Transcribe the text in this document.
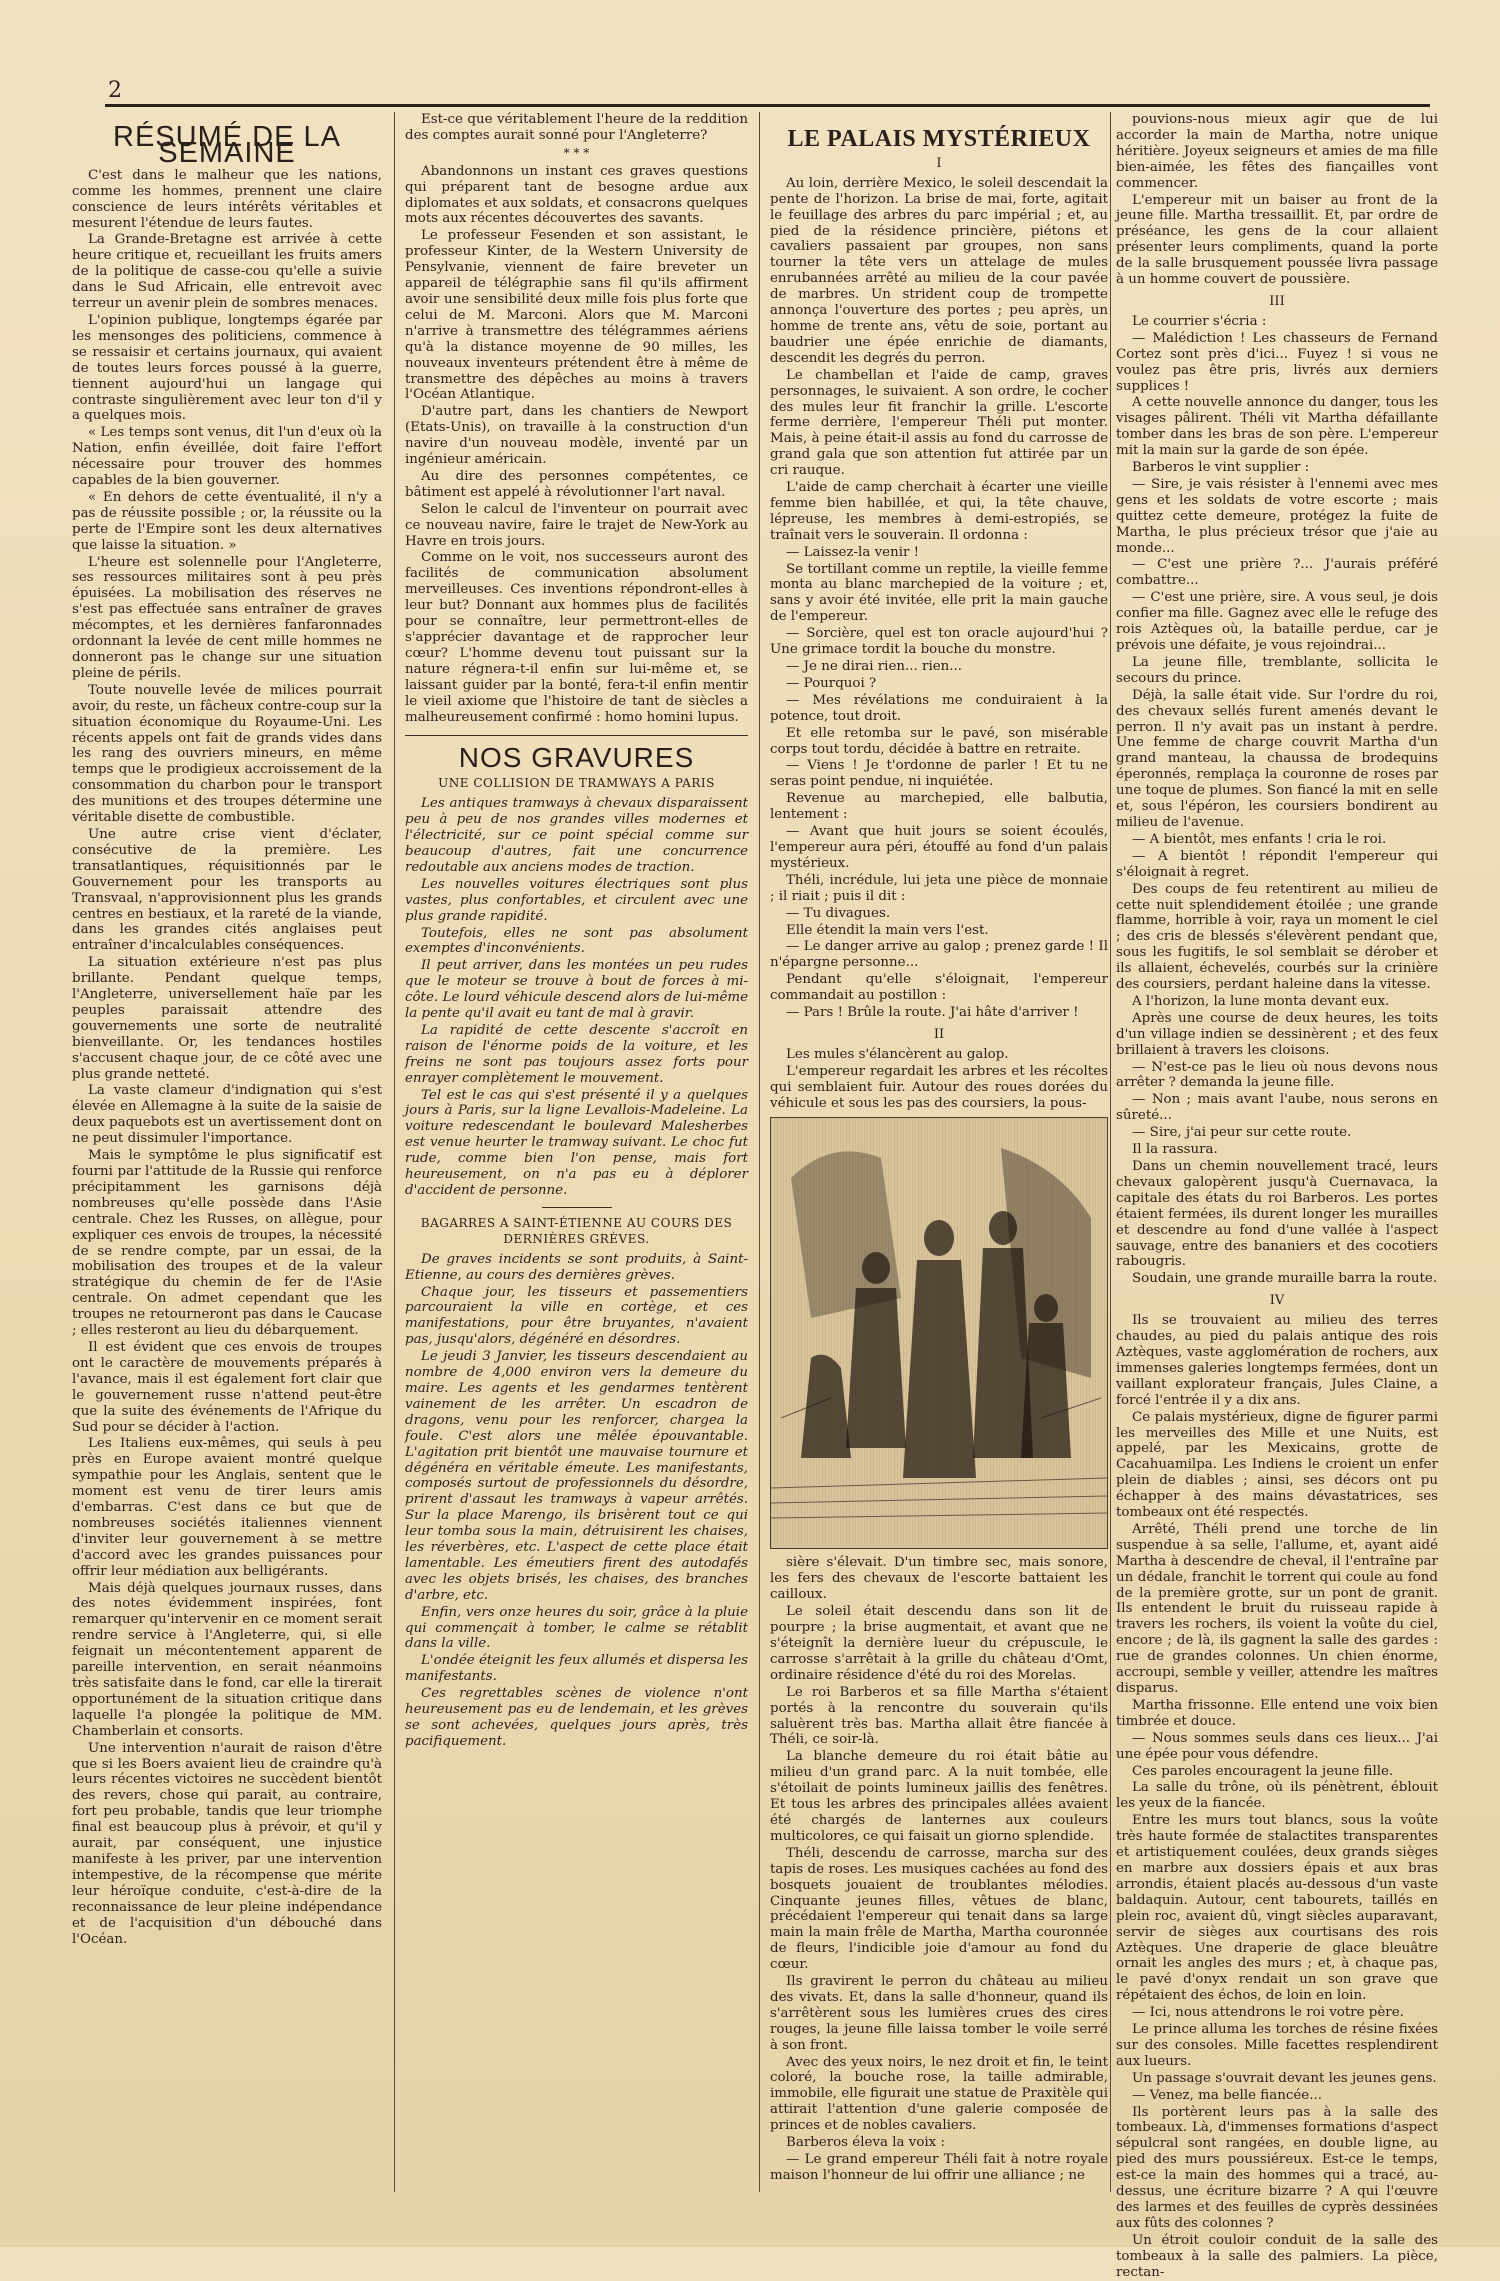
2
RÉSUMÉ DE LA SEMAINE

C'est dans le malheur que les nations, comme les hommes, prennent une claire conscience de leurs intérêts véritables et mesurent l'étendue de leurs fautes.

La Grande-Bretagne est arrivée à cette heure critique et, recueillant les fruits amers de la politique de casse-cou qu'elle a suivie dans le Sud Africain, elle entrevoit avec terreur un avenir plein de sombres menaces.

L'opinion publique, longtemps égarée par les mensonges des politiciens, commence à se ressaisir et certains journaux, qui avaient de toutes leurs forces poussé à la guerre, tiennent aujourd'hui un langage qui contraste singulièrement avec leur ton d'il y a quelques mois.

« Les temps sont venus, dit l'un d'eux où la Nation, enfin éveillée, doit faire l'effort nécessaire pour trouver des hommes capables de la bien gouverner.

« En dehors de cette éventualité, il n'y a pas de réussite possible ; or, la réussite ou la perte de l'Empire sont les deux alternatives que laisse la situation. »

L'heure est solennelle pour l'Angleterre, ses ressources militaires sont à peu près épuisées. La mobilisation des réserves ne s'est pas effectuée sans entraîner de graves mécomptes, et les dernières fanfaronnades ordonnant la levée de cent mille hommes ne donneront pas le change sur une situation pleine de périls.

Toute nouvelle levée de milices pourrait avoir, du reste, un fâcheux contre-coup sur la situation économique du Royaume-Uni. Les récents appels ont fait de grands vides dans les rang des ouvriers mineurs, en même temps que le prodigieux accroissement de la consommation du charbon pour le transport des munitions et des troupes détermine une véritable disette de combustible.

Une autre crise vient d'éclater, consécutive de la première. Les transatlantiques, réquisitionnés par le Gouvernement pour les transports au Transvaal, n'approvisionnent plus les grands centres en bestiaux, et la rareté de la viande, dans les grandes cités anglaises peut entraîner d'incalculables conséquences.

La situation extérieure n'est pas plus brillante. Pendant quelque temps, l'Angleterre, universellement haïe par les peuples paraissait attendre des gouvernements une sorte de neutralité bienveillante. Or, les tendances hostiles s'accusent chaque jour, de ce côté avec une plus grande netteté.

La vaste clameur d'indignation qui s'est élevée en Allemagne à la suite de la saisie de deux paquebots est un avertissement dont on ne peut dissimuler l'importance.

Mais le symptôme le plus significatif est fourni par l'attitude de la Russie qui renforce précipitamment les garnisons déjà nombreuses qu'elle possède dans l'Asie centrale. Chez les Russes, on allègue, pour expliquer ces envois de troupes, la nécessité de se rendre compte, par un essai, de la mobilisation des troupes et de la valeur stratégique du chemin de fer de l'Asie centrale. On admet cependant que les troupes ne retourneront pas dans le Caucase ; elles resteront au lieu du débarquement.

Il est évident que ces envois de troupes ont le caractère de mouvements préparés à l'avance, mais il est également fort clair que le gouvernement russe n'attend peut-être que la suite des événements de l'Afrique du Sud pour se décider à l'action.

Les Italiens eux-mêmes, qui seuls à peu près en Europe avaient montré quelque sympathie pour les Anglais, sentent que le moment est venu de tirer leurs amis d'embarras. C'est dans ce but que de nombreuses sociétés italiennes viennent d'inviter leur gouvernement à se mettre d'accord avec les grandes puissances pour offrir leur médiation aux belligérants.

Mais déjà quelques journaux russes, dans des notes évidemment inspirées, font remarquer qu'intervenir en ce moment serait rendre service à l'Angleterre, qui, si elle feignait un mécontentement apparent de pareille intervention, en serait néanmoins très satisfaite dans le fond, car elle la tirerait opportunément de la situation critique dans laquelle l'a plongée la politique de MM. Chamberlain et consorts.

Une intervention n'aurait de raison d'être que si les Boers avaient lieu de craindre qu'à leurs récentes victoires ne succèdent bientôt des revers, chose qui parait, au contraire, fort peu probable, tandis que leur triomphe final est beaucoup plus à prévoir, et qu'il y aurait, par conséquent, une injustice manifeste à les priver, par une intervention intempestive, de la récompense que mérite leur héroïque conduite, c'est-à-dire de la reconnaissance de leur pleine indépendance et de l'acquisition d'un débouché dans l'Océan.

Est-ce que véritablement l'heure de la reddition des comptes aurait sonné pour l'Angleterre?

* * *

Abandonnons un instant ces graves questions qui préparent tant de besogne ardue aux diplomates et aux soldats, et consacrons quelques mots aux récentes découvertes des savants.

Le professeur Fesenden et son assistant, le professeur Kinter, de la Western University de Pensylvanie, viennent de faire breveter un appareil de télégraphie sans fil qu'ils affirment avoir une sensibilité deux mille fois plus forte que celui de M. Marconi. Alors que M. Marconi n'arrive à transmettre des télégrammes aériens qu'à la distance moyenne de 90 milles, les nouveaux inventeurs prétendent être à même de transmettre des dépêches au moins à travers l'Océan Atlantique.

D'autre part, dans les chantiers de Newport (Etats-Unis), on travaille à la construction d'un navire d'un nouveau modèle, inventé par un ingénieur américain.

Au dire des personnes compétentes, ce bâtiment est appelé à révolutionner l'art naval.

Selon le calcul de l'inventeur on pourrait avec ce nouveau navire, faire le trajet de New-York au Havre en trois jours.

Comme on le voit, nos successeurs auront des facilités de communication absolument merveilleuses. Ces inventions répondront-elles à leur but? Donnant aux hommes plus de facilités pour se connaître, leur permettront-elles de s'apprécier davantage et de rapprocher leur cœur? L'homme devenu tout puissant sur la nature régnera-t-il enfin sur lui-même et, se laissant guider par la bonté, fera-t-il enfin mentir le vieil axiome que l'histoire de tant de siècles a malheureusement confirmé : homo homini lupus.

NOS GRAVURES
UNE COLLISION DE TRAMWAYS A PARIS

Les antiques tramways à chevaux disparaissent peu à peu de nos grandes villes modernes et l'électricité, sur ce point spécial comme sur beaucoup d'autres, fait une concurrence redoutable aux anciens modes de traction.

Les nouvelles voitures électriques sont plus vastes, plus confortables, et circulent avec une plus grande rapidité.

Toutefois, elles ne sont pas absolument exemptes d'inconvénients.

Il peut arriver, dans les montées un peu rudes que le moteur se trouve à bout de forces à mi-côte. Le lourd véhicule descend alors de lui-même la pente qu'il avait eu tant de mal à gravir.

La rapidité de cette descente s'accroît en raison de l'énorme poids de la voiture, et les freins ne sont pas toujours assez forts pour enrayer complètement le mouvement.

Tel est le cas qui s'est présenté il y a quelques jours à Paris, sur la ligne Levallois-Madeleine. La voiture redescendant le boulevard Malesherbes est venue heurter le tramway suivant. Le choc fut rude, comme bien l'on pense, mais fort heureusement, on n'a pas eu à déplorer d'accident de personne.

BAGARRES A SAINT-ÉTIENNE AU COURS DES DERNIÈRES GRÈVES.

De graves incidents se sont produits, à Saint-Etienne, au cours des dernières grèves.

Chaque jour, les tisseurs et passementiers parcouraient la ville en cortège, et ces manifestations, pour être bruyantes, n'avaient pas, jusqu'alors, dégénéré en désordres.

Le jeudi 3 Janvier, les tisseurs descendaient au nombre de 4,000 environ vers la demeure du maire. Les agents et les gendarmes tentèrent vainement de les arrêter. Un escadron de dragons, venu pour les renforcer, chargea la foule. C'est alors une mêlée épouvantable. L'agitation prit bientôt une mauvaise tournure et dégénéra en véritable émeute. Les manifestants, composés surtout de professionnels du désordre, prirent d'assaut les tramways à vapeur arrêtés. Sur la place Marengo, ils brisèrent tout ce qui leur tomba sous la main, détruisirent les chaises, les réverbères, etc. L'aspect de cette place était lamentable. Les émeutiers firent des autodafés avec les objets brisés, les chaises, des branches d'arbre, etc.

Enfin, vers onze heures du soir, grâce à la pluie qui commençait à tomber, le calme se rétablit dans la ville.

L'ondée éteignit les feux allumés et dispersa les manifestants.

Ces regrettables scènes de violence n'ont heureusement pas eu de lendemain, et les grèves se sont achevées, quelques jours après, très pacifiquement.

LE PALAIS MYSTÉRIEUX
I

Au loin, derrière Mexico, le soleil descendait la pente de l'horizon. La brise de mai, forte, agitait le feuillage des arbres du parc impérial ; et, au pied de la résidence princière, piétons et cavaliers passaient par groupes, non sans tourner la tête vers un attelage de mules enrubannées arrêté au milieu de la cour pavée de marbres. Un strident coup de trompette annonça l'ouverture des portes ; peu après, un homme de trente ans, vêtu de soie, portant au baudrier une épée enrichie de diamants, descendit les degrés du perron.

Le chambellan et l'aide de camp, graves personnages, le suivaient. A son ordre, le cocher des mules leur fit franchir la grille. L'escorte ferme derrière, l'empereur Théli put monter. Mais, à peine était-il assis au fond du carrosse de grand gala que son attention fut attirée par un cri rauque.

L'aide de camp cherchait à écarter une vieille femme bien habillée, et qui, la tête chauve, lépreuse, les membres à demi-estropiés, se traînait vers le souverain. Il ordonna :

— Laissez-la venir !

Se tortillant comme un reptile, la vieille femme monta au blanc marchepied de la voiture ; et, sans y avoir été invitée, elle prit la main gauche de l'empereur.

— Sorcière, quel est ton oracle aujourd'hui ? Une grimace tordit la bouche du monstre.

— Je ne dirai rien... rien...

— Pourquoi ?

— Mes révélations me conduiraient à la potence, tout droit.

Et elle retomba sur le pavé, son misérable corps tout tordu, décidée à battre en retraite.

— Viens ! Je t'ordonne de parler ! Et tu ne seras point pendue, ni inquiétée.

Revenue au marchepied, elle balbutia, lentement :

— Avant que huit jours se soient écoulés, l'empereur aura péri, étouffé au fond d'un palais mystérieux.

Théli, incrédule, lui jeta une pièce de monnaie ; il riait ; puis il dit :

— Tu divagues.

Elle étendit la main vers l'est.

— Le danger arrive au galop ; prenez garde ! Il n'épargne personne...

Pendant qu'elle s'éloignait, l'empereur commandait au postillon :

— Pars ! Brûle la route. J'ai hâte d'arriver !

II

Les mules s'élancèrent au galop.

L'empereur regardait les arbres et les récoltes qui semblaient fuir. Autour des roues dorées du véhicule et sous les pas des coursiers, la pous-

sière s'élevait. D'un timbre sec, mais sonore, les fers des chevaux de l'escorte battaient les cailloux.

Le soleil était descendu dans son lit de pourpre ; la brise augmentait, et avant que ne s'éteignît la dernière lueur du crépuscule, le carrosse s'arrêtait à la grille du château d'Omt, ordinaire résidence d'été du roi des Morelas.

Le roi Barberos et sa fille Martha s'étaient portés à la rencontre du souverain qu'ils saluèrent très bas. Martha allait être fiancée à Théli, ce soir-là.

La blanche demeure du roi était bâtie au milieu d'un grand parc. A la nuit tombée, elle s'étoilait de points lumineux jaillis des fenêtres. Et tous les arbres des principales allées avaient été chargés de lanternes aux couleurs multicolores, ce qui faisait un giorno splendide.

Théli, descendu de carrosse, marcha sur des tapis de roses. Les musiques cachées au fond des bosquets jouaient de troublantes mélodies. Cinquante jeunes filles, vêtues de blanc, précédaient l'empereur qui tenait dans sa large main la main frêle de Martha, Martha couronnée de fleurs, l'indicible joie d'amour au fond du cœur.

Ils gravirent le perron du château au milieu des vivats. Et, dans la salle d'honneur, quand ils s'arrêtèrent sous les lumières crues des cires rouges, la jeune fille laissa tomber le voile serré à son front.

Avec des yeux noirs, le nez droit et fin, le teint coloré, la bouche rose, la taille admirable, immobile, elle figurait une statue de Praxitèle qui attirait l'attention d'une galerie composée de princes et de nobles cavaliers.

Barberos éleva la voix :

— Le grand empereur Théli fait à notre royale maison l'honneur de lui offrir une alliance ; ne

pouvions-nous mieux agir que de lui accorder la main de Martha, notre unique héritière. Joyeux seigneurs et amies de ma fille bien-aimée, les fêtes des fiançailles vont commencer.

L'empereur mit un baiser au front de la jeune fille. Martha tressaillit. Et, par ordre de préséance, les gens de la cour allaient présenter leurs compliments, quand la porte de la salle brusquement poussée livra passage à un homme couvert de poussière.

III

Le courrier s'écria :

— Malédiction ! Les chasseurs de Fernand Cortez sont près d'ici... Fuyez ! si vous ne voulez pas être pris, livrés aux derniers supplices !

A cette nouvelle annonce du danger, tous les visages pâlirent. Théli vit Martha défaillante tomber dans les bras de son père. L'empereur mit la main sur la garde de son épée.

Barberos le vint supplier :

— Sire, je vais résister à l'ennemi avec mes gens et les soldats de votre escorte ; mais quittez cette demeure, protégez la fuite de Martha, le plus précieux trésor que j'aie au monde...

— C'est une prière ?... J'aurais préféré combattre...

— C'est une prière, sire. A vous seul, je dois confier ma fille. Gagnez avec elle le refuge des rois Aztèques où, la bataille perdue, car je prévois une défaite, je vous rejoindrai...

La jeune fille, tremblante, sollicita le secours du prince.

Déjà, la salle était vide. Sur l'ordre du roi, des chevaux sellés furent amenés devant le perron. Il n'y avait pas un instant à perdre. Une femme de charge couvrit Martha d'un grand manteau, la chaussa de brodequins éperonnés, remplaça la couronne de roses par une toque de plumes. Son fiancé la mit en selle et, sous l'épéron, les coursiers bondirent au milieu de l'avenue.

— A bientôt, mes enfants ! cria le roi.

— A bientôt ! répondit l'empereur qui s'éloignait à regret.

Des coups de feu retentirent au milieu de cette nuit splendidement étoilée ; une grande flamme, horrible à voir, raya un moment le ciel ; des cris de blessés s'élevèrent pendant que, sous les fugitifs, le sol semblait se dérober et ils allaient, échevelés, courbés sur la crinière des coursiers, perdant haleine dans la vitesse.

A l'horizon, la lune monta devant eux.

Après une course de deux heures, les toits d'un village indien se dessinèrent ; et des feux brillaient à travers les cloisons.

— N'est-ce pas le lieu où nous devons nous arrêter ? demanda la jeune fille.

— Non ; mais avant l'aube, nous serons en sûreté...

— Sire, j'ai peur sur cette route.

Il la rassura.

Dans un chemin nouvellement tracé, leurs chevaux galopèrent jusqu'à Cuernavaca, la capitale des états du roi Barberos. Les portes étaient fermées, ils durent longer les murailles et descendre au fond d'une vallée à l'aspect sauvage, entre des bananiers et des cocotiers rabougris.

Soudain, une grande muraille barra la route.

IV

Ils se trouvaient au milieu des terres chaudes, au pied du palais antique des rois Aztèques, vaste agglomération de rochers, aux immenses galeries longtemps fermées, dont un vaillant explorateur français, Jules Claine, a forcé l'entrée il y a dix ans.

Ce palais mystérieux, digne de figurer parmi les merveilles des Mille et une Nuits, est appelé, par les Mexicains, grotte de Cacahuamilpa. Les Indiens le croient un enfer plein de diables ; ainsi, ses décors ont pu échapper à des mains dévastatrices, ses tombeaux ont été respectés.

Arrêté, Théli prend une torche de lin suspendue à sa selle, l'allume, et, ayant aidé Martha à descendre de cheval, il l'entraîne par un dédale, franchit le torrent qui coule au fond de la première grotte, sur un pont de granit. Ils entendent le bruit du ruisseau rapide à travers les rochers, ils voient la voûte du ciel, encore ; de là, ils gagnent la salle des gardes : rue de grandes colonnes. Un chien énorme, accroupi, semble y veiller, attendre les maîtres disparus.

Martha frissonne. Elle entend une voix bien timbrée et douce.

— Nous sommes seuls dans ces lieux... J'ai une épée pour vous défendre.

Ces paroles encouragent la jeune fille.

La salle du trône, où ils pénètrent, éblouit les yeux de la fiancée.

Entre les murs tout blancs, sous la voûte très haute formée de stalactites transparentes et artistiquement coulées, deux grands sièges en marbre aux dossiers épais et aux bras arrondis, étaient placés au-dessous d'un vaste baldaquin. Autour, cent tabourets, taillés en plein roc, avaient dû, vingt siècles auparavant, servir de sièges aux courtisans des rois Aztèques. Une draperie de glace bleuâtre ornait les angles des murs ; et, à chaque pas, le pavé d'onyx rendait un son grave que répétaient des échos, de loin en loin.

— Ici, nous attendrons le roi votre père.

Le prince alluma les torches de résine fixées sur des consoles. Mille facettes resplendirent aux lueurs.

Un passage s'ouvrait devant les jeunes gens.

— Venez, ma belle fiancée...

Ils portèrent leurs pas à la salle des tombeaux. Là, d'immenses formations d'aspect sépulcral sont rangées, en double ligne, au pied des murs poussiéreux. Est-ce le temps, est-ce la main des hommes qui a tracé, au-dessus, une écriture bizarre ? A qui l'œuvre des larmes et des feuilles de cyprès dessinées aux fûts des colonnes ?

Un étroit couloir conduit de la salle des tombeaux à la salle des palmiers. La pièce, rectan-
